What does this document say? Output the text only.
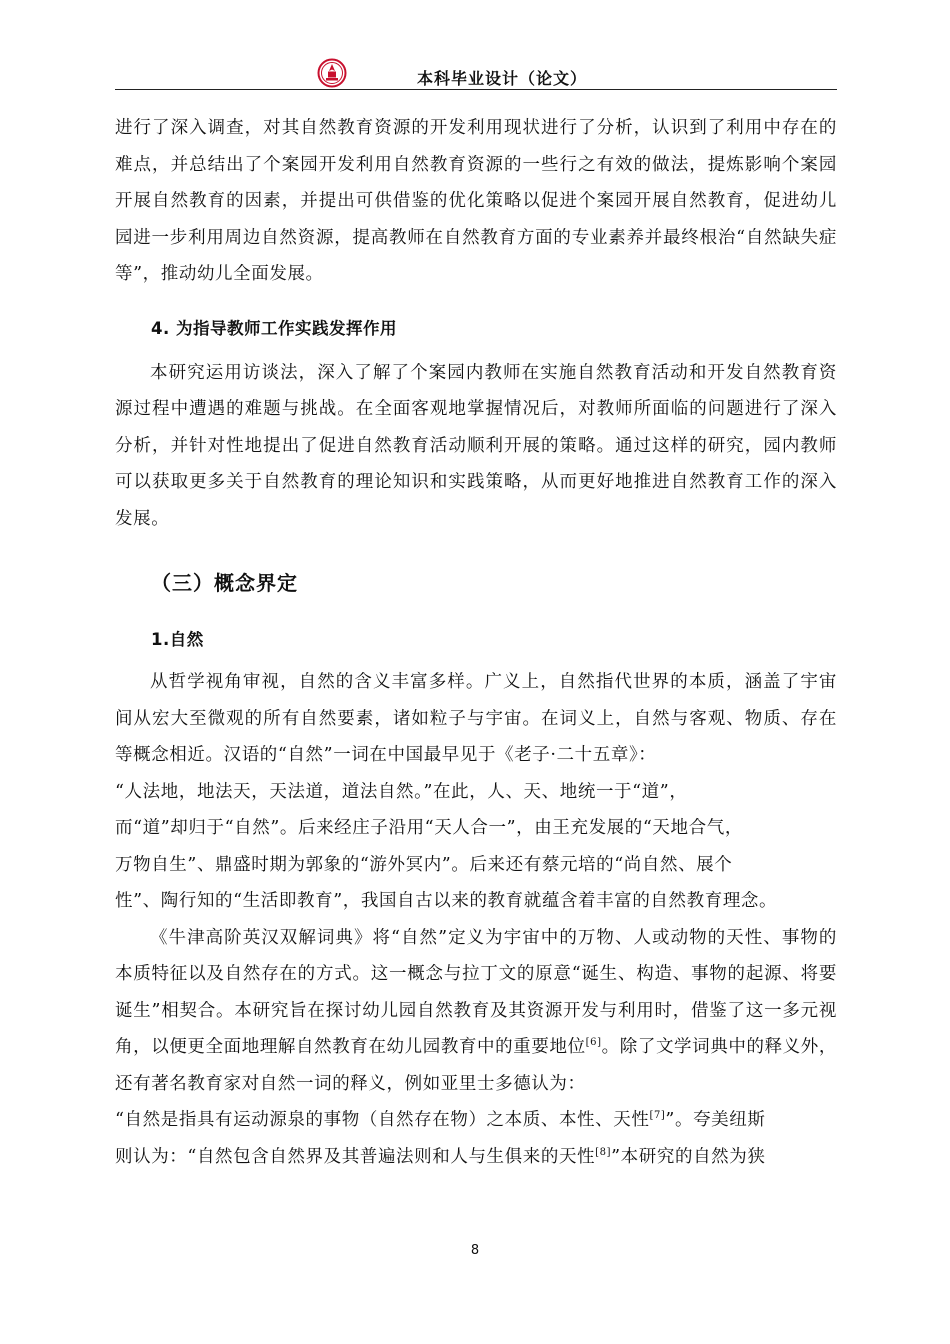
本科毕业设计（论文）

进行了深入调查，对其自然教育资源的开发利用现状进行了分析，认识到了利用中存在的难点，并总结出了个案园开发利用自然教育资源的一些行之有效的做法，提炼影响个案园开展自然教育的因素，并提出可供借鉴的优化策略以促进个案园开展自然教育，促进幼儿园进一步利用周边自然资源，提高教师在自然教育方面的专业素养并最终根治“自然缺失症等”，推动幼儿全面发展。

4. 为指导教师工作实践发挥作用

本研究运用访谈法，深入了解了个案园内教师在实施自然教育活动和开发自然教育资源过程中遭遇的难题与挑战。在全面客观地掌握情况后，对教师所面临的问题进行了深入分析，并针对性地提出了促进自然教育活动顺利开展的策略。通过这样的研究，园内教师可以获取更多关于自然教育的理论知识和实践策略，从而更好地推进自然教育工作的深入发展。

（三）概念界定
1.自然

从哲学视角审视，自然的含义丰富多样。广义上，自然指代世界的本质，涵盖了宇宙间从宏大至微观的所有自然要素，诸如粒子与宇宙。在词义上，自然与客观、物质、存在等概念相近。汉语的“自然”一词在中国最早见于《老子·二十五章》：

“人法地，地法天，天法道，道法自然。”在此，人、天、地统一于“道”，

而“道”却归于“自然”。后来经庄子沿用“天人合一”，由王充发展的“天地合气，

万物自生”、鼎盛时期为郭象的“游外冥内”。后来还有蔡元培的“尚自然、展个

性”、陶行知的“生活即教育”，我国自古以来的教育就蕴含着丰富的自然教育理念。

《牛津高阶英汉双解词典》将“自然”定义为宇宙中的万物、人或动物的天性、事物的本质特征以及自然存在的方式。这一概念与拉丁文的原意“诞生、构造、事物的起源、将要诞生”相契合。本研究旨在探讨幼儿园自然教育及其资源开发与利用时，借鉴了这一多元视角，以便更全面地理解自然教育在幼儿园教育中的重要地位[6]。除了文学词典中的释义外，还有著名教育家对自然一词的释义，例如亚里士多德认为：

“自然是指具有运动源泉的事物（自然存在物）之本质、本性、天性[7]”。夸美纽斯

则认为：“自然包含自然界及其普遍法则和人与生俱来的天性[8]”本研究的自然为狭

8
